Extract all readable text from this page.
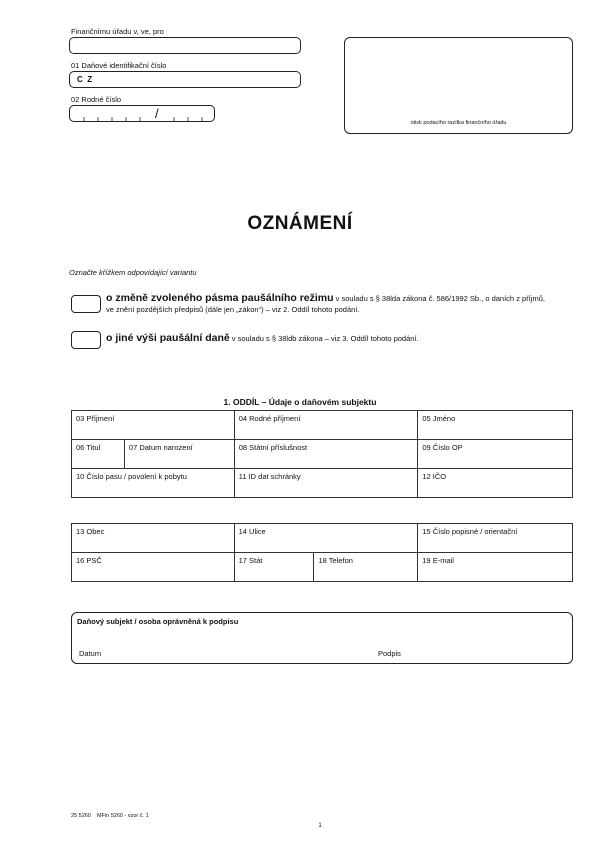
Finančnímu úřadu v, ve, pro
01 Daňové identifikační číslo
C  Z
02 Rodné číslo
/
otisk podacího razítka finančního úřadu
OZNÁMENÍ
Označte křížkem odpovídající variantu
o změně zvoleného pásma paušálního režimu v souladu s § 38lda zákona č. 586/1992 Sb., o daních z příjmů,
ve znění pozdějších předpisů (dále jen „zákon“) – viz 2. Oddíl tohoto podání.
o jiné výši paušální daně v souladu s § 38ldb zákona – viz 3. Oddíl tohoto podání.
1. ODDÍL – Údaje o daňovém subjektu
03 Příjmení		04 Rodné příjmení	05 Jméno
06 Titul	07 Datum narození	08 Státní příslušnost	09 Číslo OP
10 Číslo pasu / povolení k pobytu		11 ID dat schránky	12 IČO
13 Obec	14 Ulice		15 Číslo popisné / orientační
16 PSČ	17 Stát	18 Telefon	19 E-mail
Daňový subjekt / osoba oprávněná k podpisu
Datum	Podpis
25 5260    MFin 5260 - vzor č. 1
1
